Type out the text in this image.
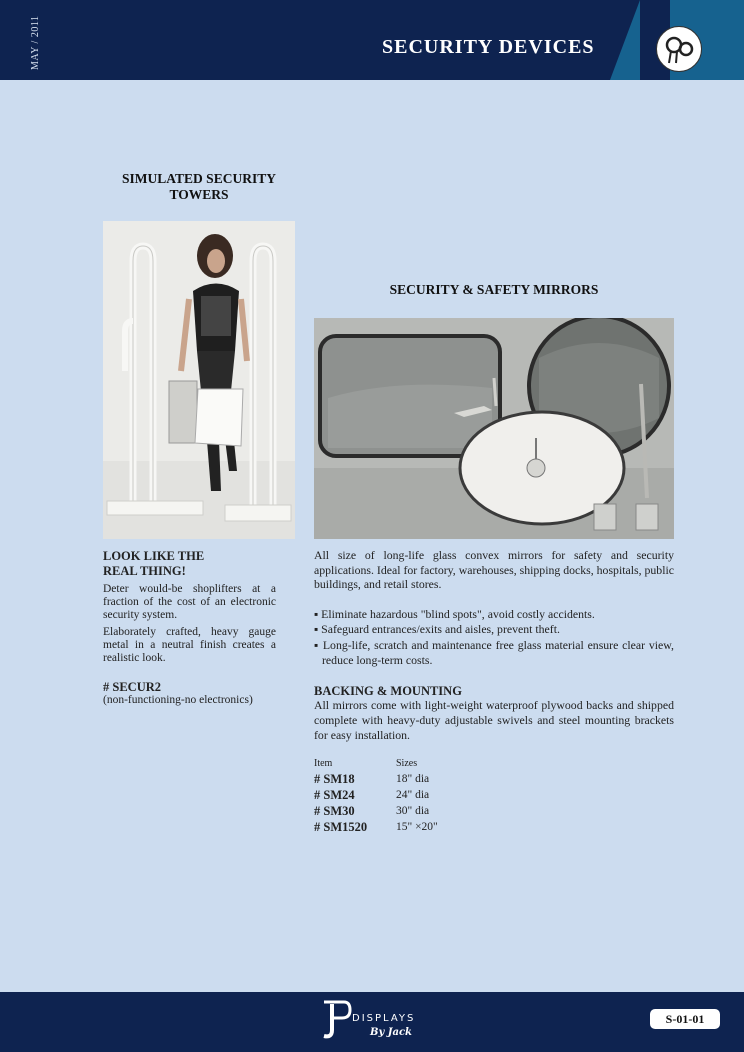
MAY / 2011	SECURITY DEVICES
SIMULATED SECURITY
TOWERS
LOOK LIKE THE
REAL THING!
Deter would-be shoplifters at a fraction of the cost of an electronic security system.
Elaborately crafted, heavy gauge metal in a neutral finish creates a realistic look.
# SECUR2
(non-functioning-no electronics)
SECURITY & SAFETY MIRRORS
All size of long-life glass convex mirrors for safety and security applications. Ideal for factory, warehouses, shipping docks, hospitals, public buildings, and retail stores.
▪ Eliminate hazardous "blind spots", avoid costly accidents.
▪ Safeguard entrances/exits and aisles, prevent theft.
▪ Long-life, scratch and maintenance free glass material ensure clear view, reduce long-term costs.
BACKING & MOUNTING
All mirrors come with light-weight waterproof plywood backs and shipped complete with heavy-duty adjustable swivels and steel mounting brackets for easy installation.
Item	Sizes
# SM18	18" dia
# SM24	24" dia
# SM30	30" dia
# SM1520	15" ×20"
DISPLAYS
By Jack
S-01-01
